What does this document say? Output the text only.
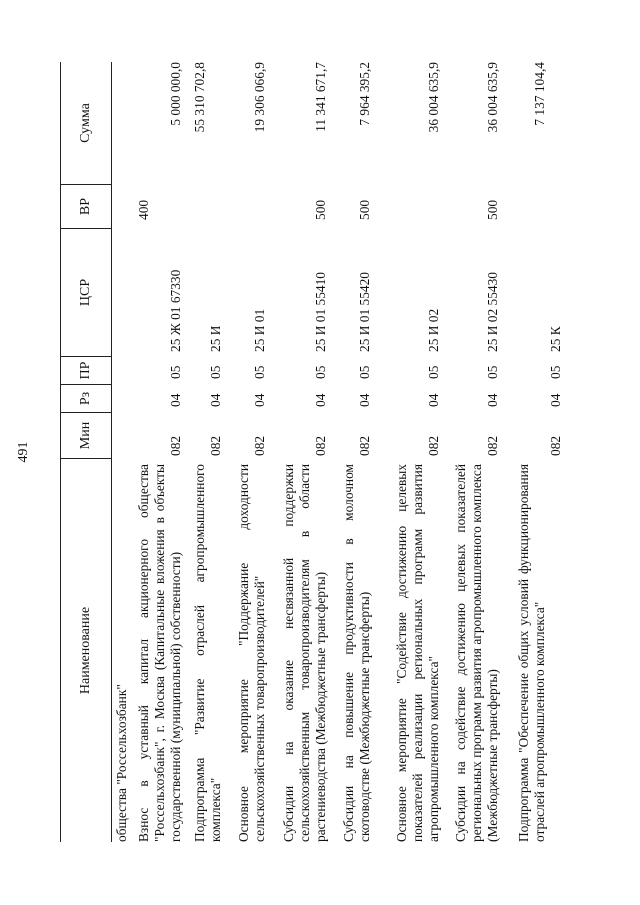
491
Наименование
Мин
Рз
ПР
ЦСР
ВР
Сумма
общества "Россельхозбанк" Взнос в уставный капитал акционерного общества "Россельхозбанк", г. Москва (Капитальные вложения в объекты государственной (муниципальной) собственности)
082
04
05
25 Ж 01 67330
400
5 000 000,0
Подпрограмма "Развитие отраслей агропромышленного комплекса"
082
04
05
25 И
55 310 702,8
Основное мероприятие "Поддержание доходности сельскохозяйственных товаропроизводителей"
082
04
05
25 И 01
19 306 066,9
Субсидии на оказание несвязанной поддержки сельскохозяйственным товаропроизводителям в области растениеводства (Межбюджетные трансферты)
082
04
05
25 И 01 55410
500
11 341 671,7
Субсидии на повышение продуктивности в молочном скотоводстве (Межбюджетные трансферты)
082
04
05
25 И 01 55420
500
7 964 395,2
Основное мероприятие "Содействие достижению целевых показателей реализации региональных программ развития агропромышленного комплекса"
082
04
05
25 И 02
36 004 635,9
Субсидии на содействие достижению целевых показателей региональных программ развития агропромышленного комплекса (Межбюджетные трансферты)
082
04
05
25 И 02 55430
500
36 004 635,9
Подпрограмма "Обеспечение общих условий функционирования отраслей агропромышленного комплекса"
082
04
05
25 К
7 137 104,4
